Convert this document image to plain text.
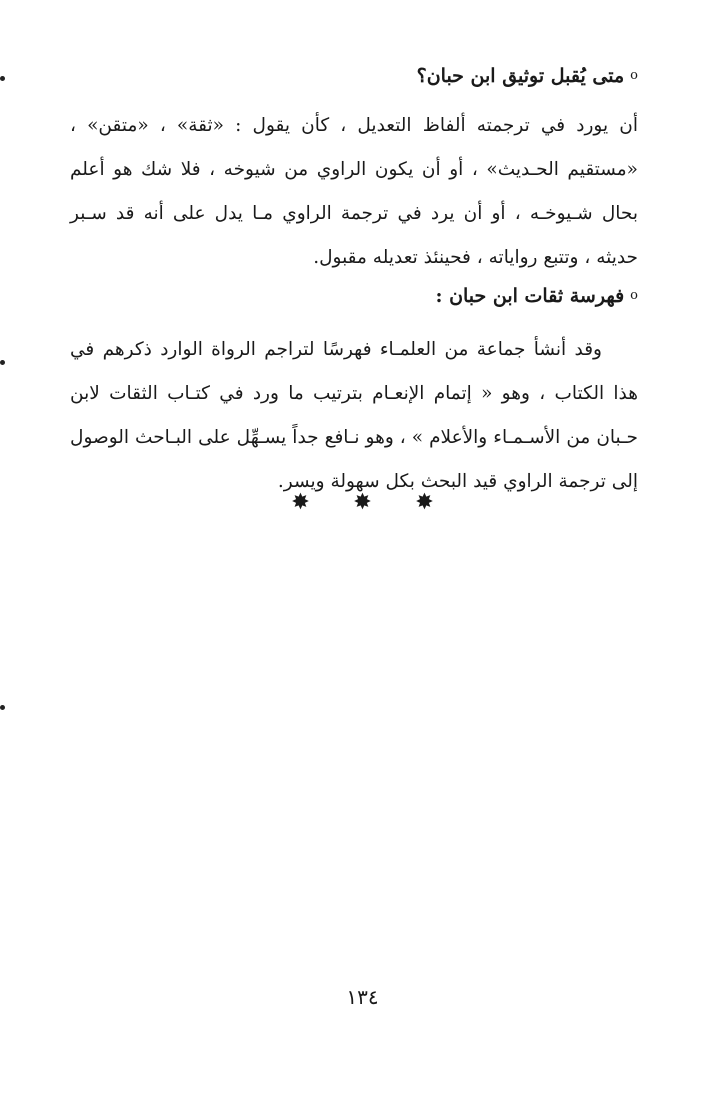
o
متى يُقبل توثيق ابن حبان؟

أن يورد في ترجمته ألفاظ التعديل ، كأن يقول : «ثقة» ، «متقن» ، «مستقيم الحـديث» ، أو أن يكون الراوي من شيوخه ، فلا شك هو أعلم بحال شـيوخـه ، أو أن يرد في ترجمة الراوي مـا يدل على أنه قد سـبر حديثه ، وتتبع رواياته ، فحينئذ تعديله مقبول.

o
فهرسة ثقات ابن حبان :

وقد أنشأ جماعة من العلمـاء فهرسًا لتراجم الرواة الوارد ذكرهم في هذا الكتاب ، وهو « إتمام الإنعـام بترتيب ما ورد في كتـاب الثقات لابن حـبان من الأسـمـاء والأعلام » ، وهو نـافع جداً يسـهِّل على البـاحث الوصول إلى ترجمة الراوي قيد البحث بكل سهولة ويسر.

✸ ✸ ✸
١٣٤
